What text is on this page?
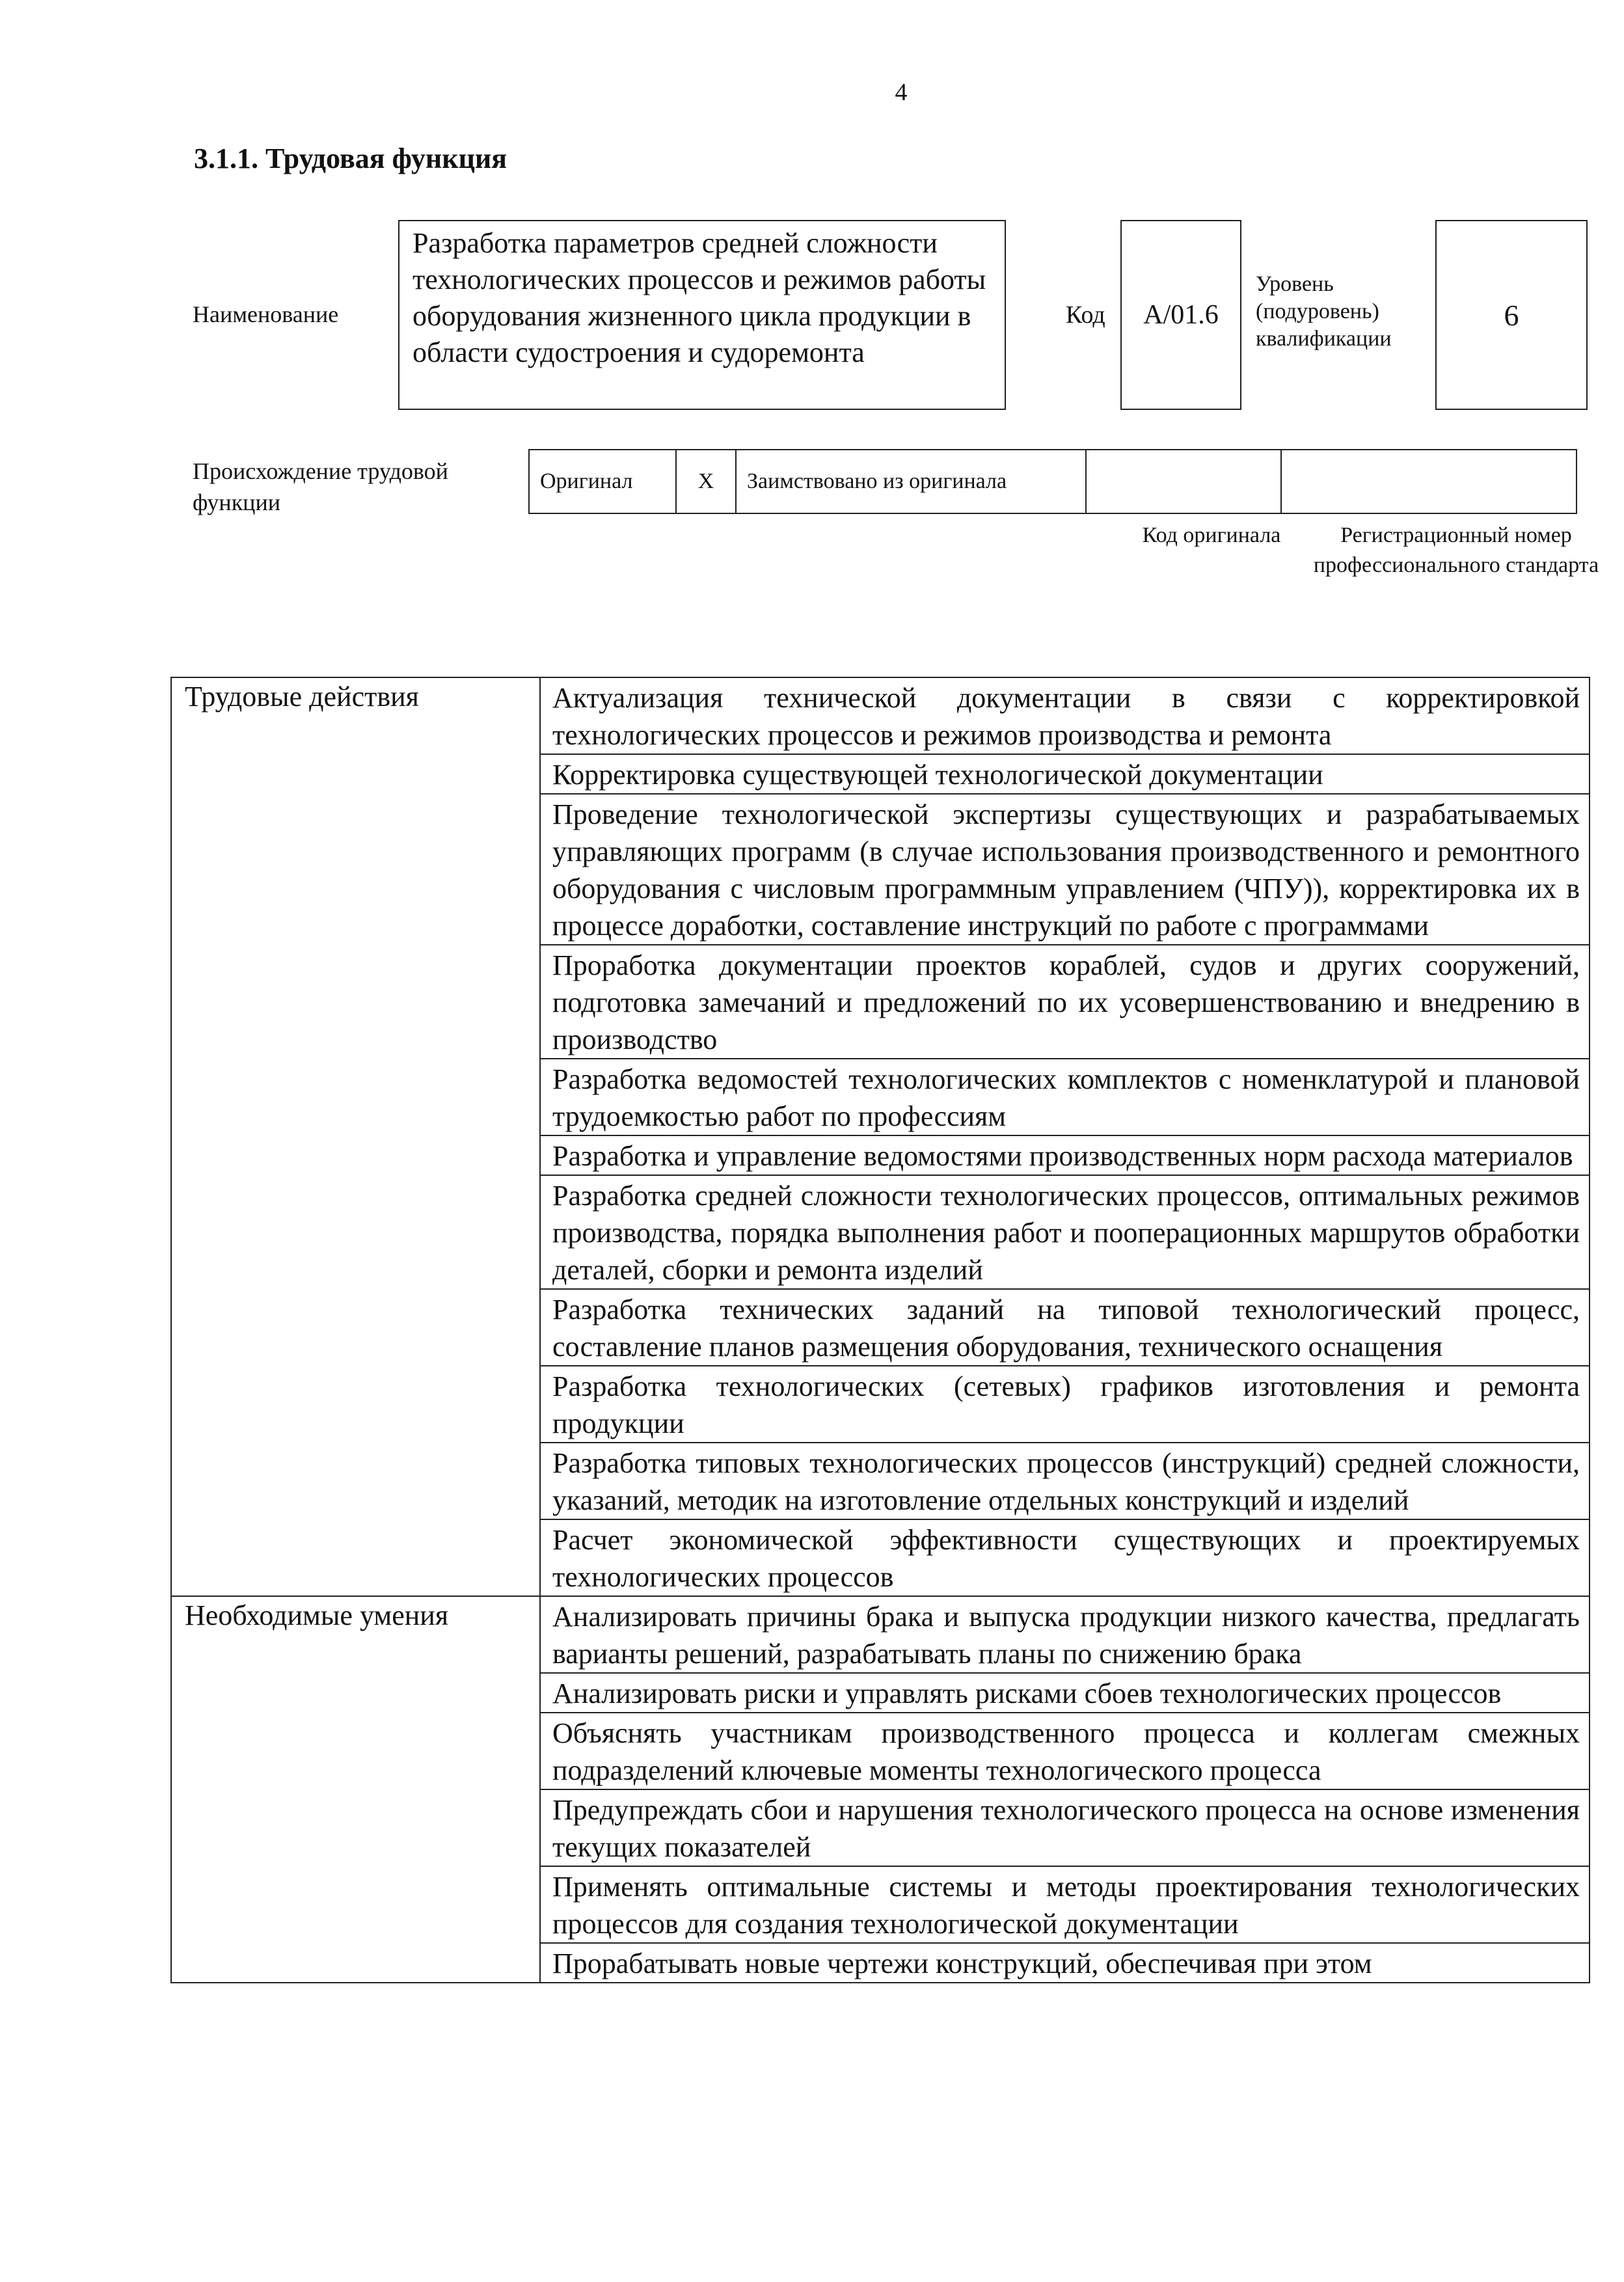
4
3.1.1. Трудовая функция
Наименование
Разработка параметров средней сложности технологических процессов и режимов работы оборудования жизненного цикла продукции в области судостроения и судоремонта
Код А/01.6
Уровень (подуровень) квалификации
6
Происхождение трудовой функции
Оригинал	X Заимствовано из оригинала
Код оригинала	Регистрационный номер профессионального стандарта
Трудовые действия	Актуализация технической документации в связи с корректировкой технологических процессов и режимов производства и ремонта
	Корректировка существующей технологической документации
	Проведение технологической экспертизы существующих и разрабатываемых управляющих программ (в случае использования производственного и ремонтного оборудования с числовым программным управлением (ЧПУ)), корректировка их в процессе доработки, составление инструкций по работе с программами
	Проработка документации проектов кораблей, судов и других сооружений, подготовка замечаний и предложений по их усовершенствованию и внедрению в производство
	Разработка ведомостей технологических комплектов с номенклатурой и плановой трудоемкостью работ по профессиям
	Разработка и управление ведомостями производственных норм расхода материалов
	Разработка средней сложности технологических процессов, оптимальных режимов производства, порядка выполнения работ и пооперационных маршрутов обработки деталей, сборки и ремонта изделий
	Разработка технических заданий на типовой технологический процесс, составление планов размещения оборудования, технического оснащения
	Разработка технологических (сетевых) графиков изготовления и ремонта продукции
	Разработка типовых технологических процессов (инструкций) средней сложности, указаний, методик на изготовление отдельных конструкций и изделий
	Расчет экономической эффективности существующих и проектируемых технологических процессов
Необходимые умения	Анализировать причины брака и выпуска продукции низкого качества, предлагать варианты решений, разрабатывать планы по снижению брака
	Анализировать риски и управлять рисками сбоев технологических процессов
	Объяснять участникам производственного процесса и коллегам смежных подразделений ключевые моменты технологического процесса
	Предупреждать сбои и нарушения технологического процесса на основе изменения текущих показателей
	Применять оптимальные системы и методы проектирования технологических процессов для создания технологической документации
	Прорабатывать новые чертежи конструкций, обеспечивая при этом
